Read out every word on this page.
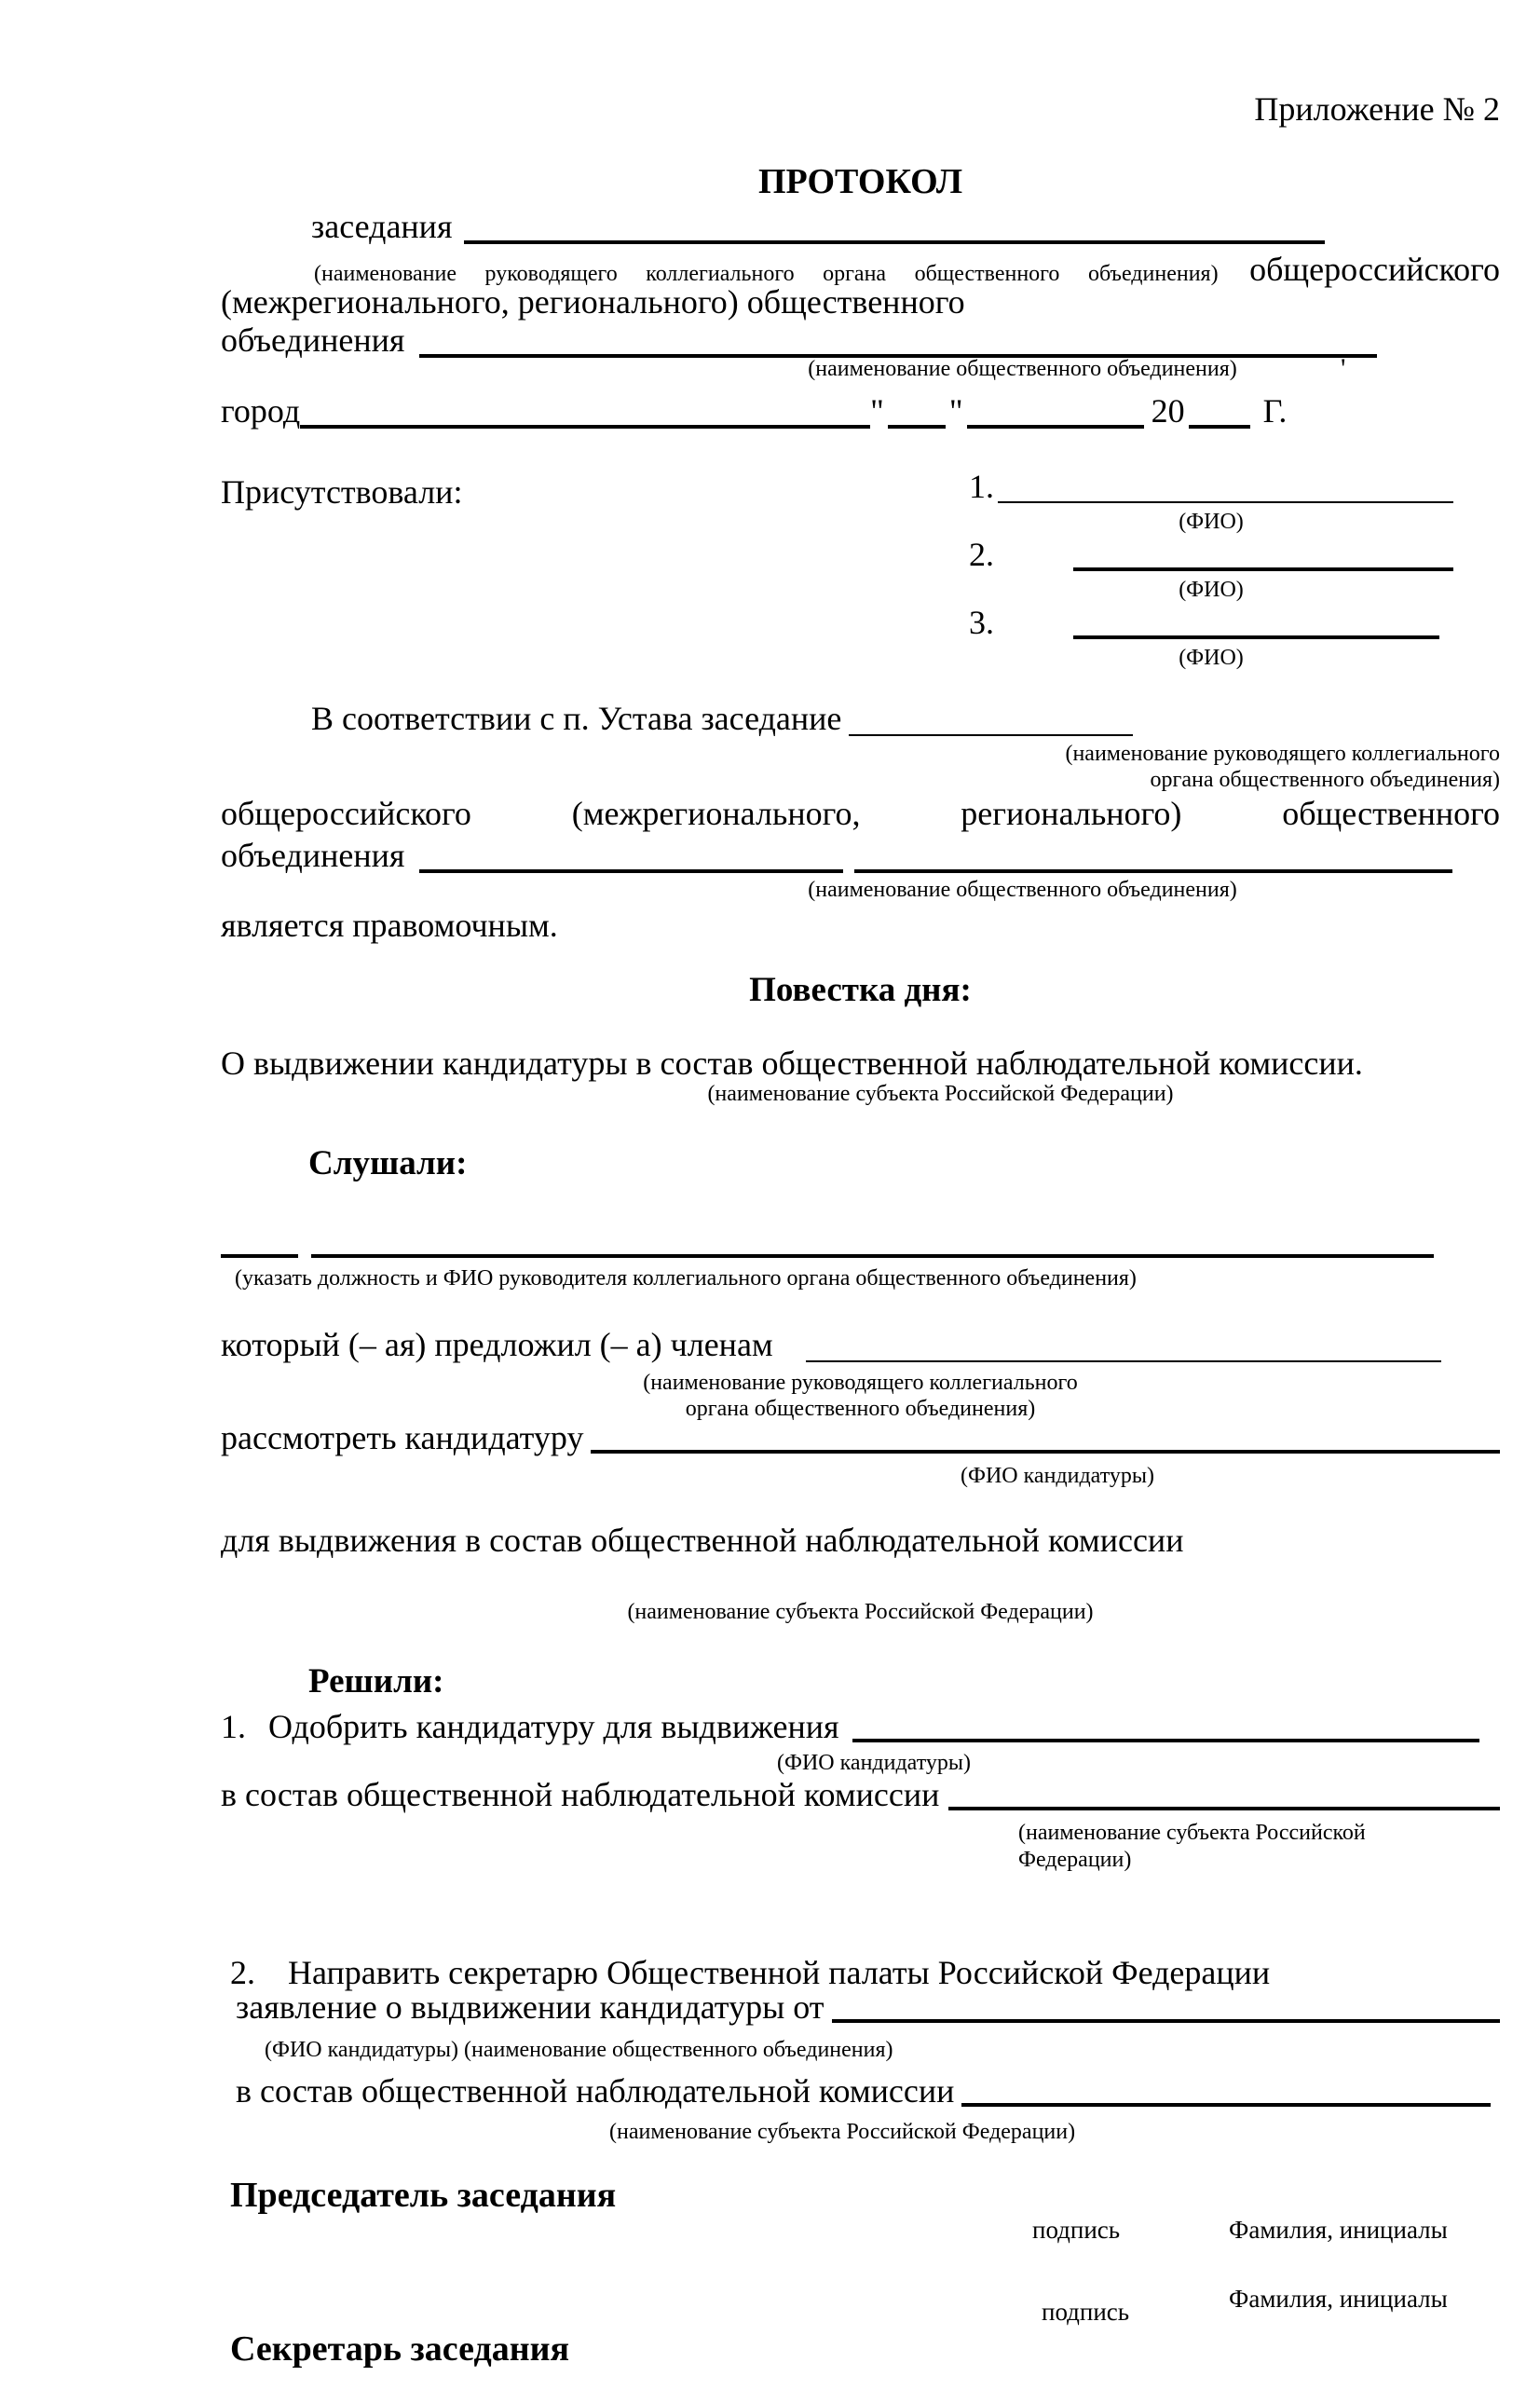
Приложение № 2
ПРОТОКОЛ
заседания
(наименование руководящего коллегиального органа общественного объединения) общероссийского
(межрегионального, регионального) общественного
объединения
(наименование общественного объединения)	'
город	" "	20 Г.
Присутствовали:	1.
(ФИО)
2.
(ФИО)
3.
(ФИО)
В соответствии с п. Устава заседание
(наименование руководящего коллегиального
органа общественного объединения)
общероссийского (межрегионального, регионального) общественного
объединения
(наименование общественного объединения)
является правомочным.
Повестка дня:
О выдвижении кандидатуры в состав общественной наблюдательной комиссии.
(наименование субъекта Российской Федерации)
Слушали:
(указать должность и ФИО руководителя коллегиального органа общественного объединения)
который (– ая) предложил (– а) членам
(наименование руководящего коллегиального
органа общественного объединения)
рассмотреть кандидатуру
(ФИО кандидатуры)
для выдвижения в состав общественной наблюдательной комиссии
(наименование субъекта Российской Федерации)
Решили:
1. Одобрить кандидатуру для выдвижения
(ФИО кандидатуры)
в состав общественной наблюдательной комиссии
(наименование субъекта Российской
Федерации)
2. Направить секретарю Общественной палаты Российской Федерации
заявление о выдвижении кандидатуры от
(ФИО кандидатуры) (наименование общественного объединения)
в состав общественной наблюдательной комиссии
(наименование субъекта Российской Федерации)
Председатель заседания
подпись	Фамилия, инициалы
Фамилия, инициалы
подпись
Секретарь заседания
